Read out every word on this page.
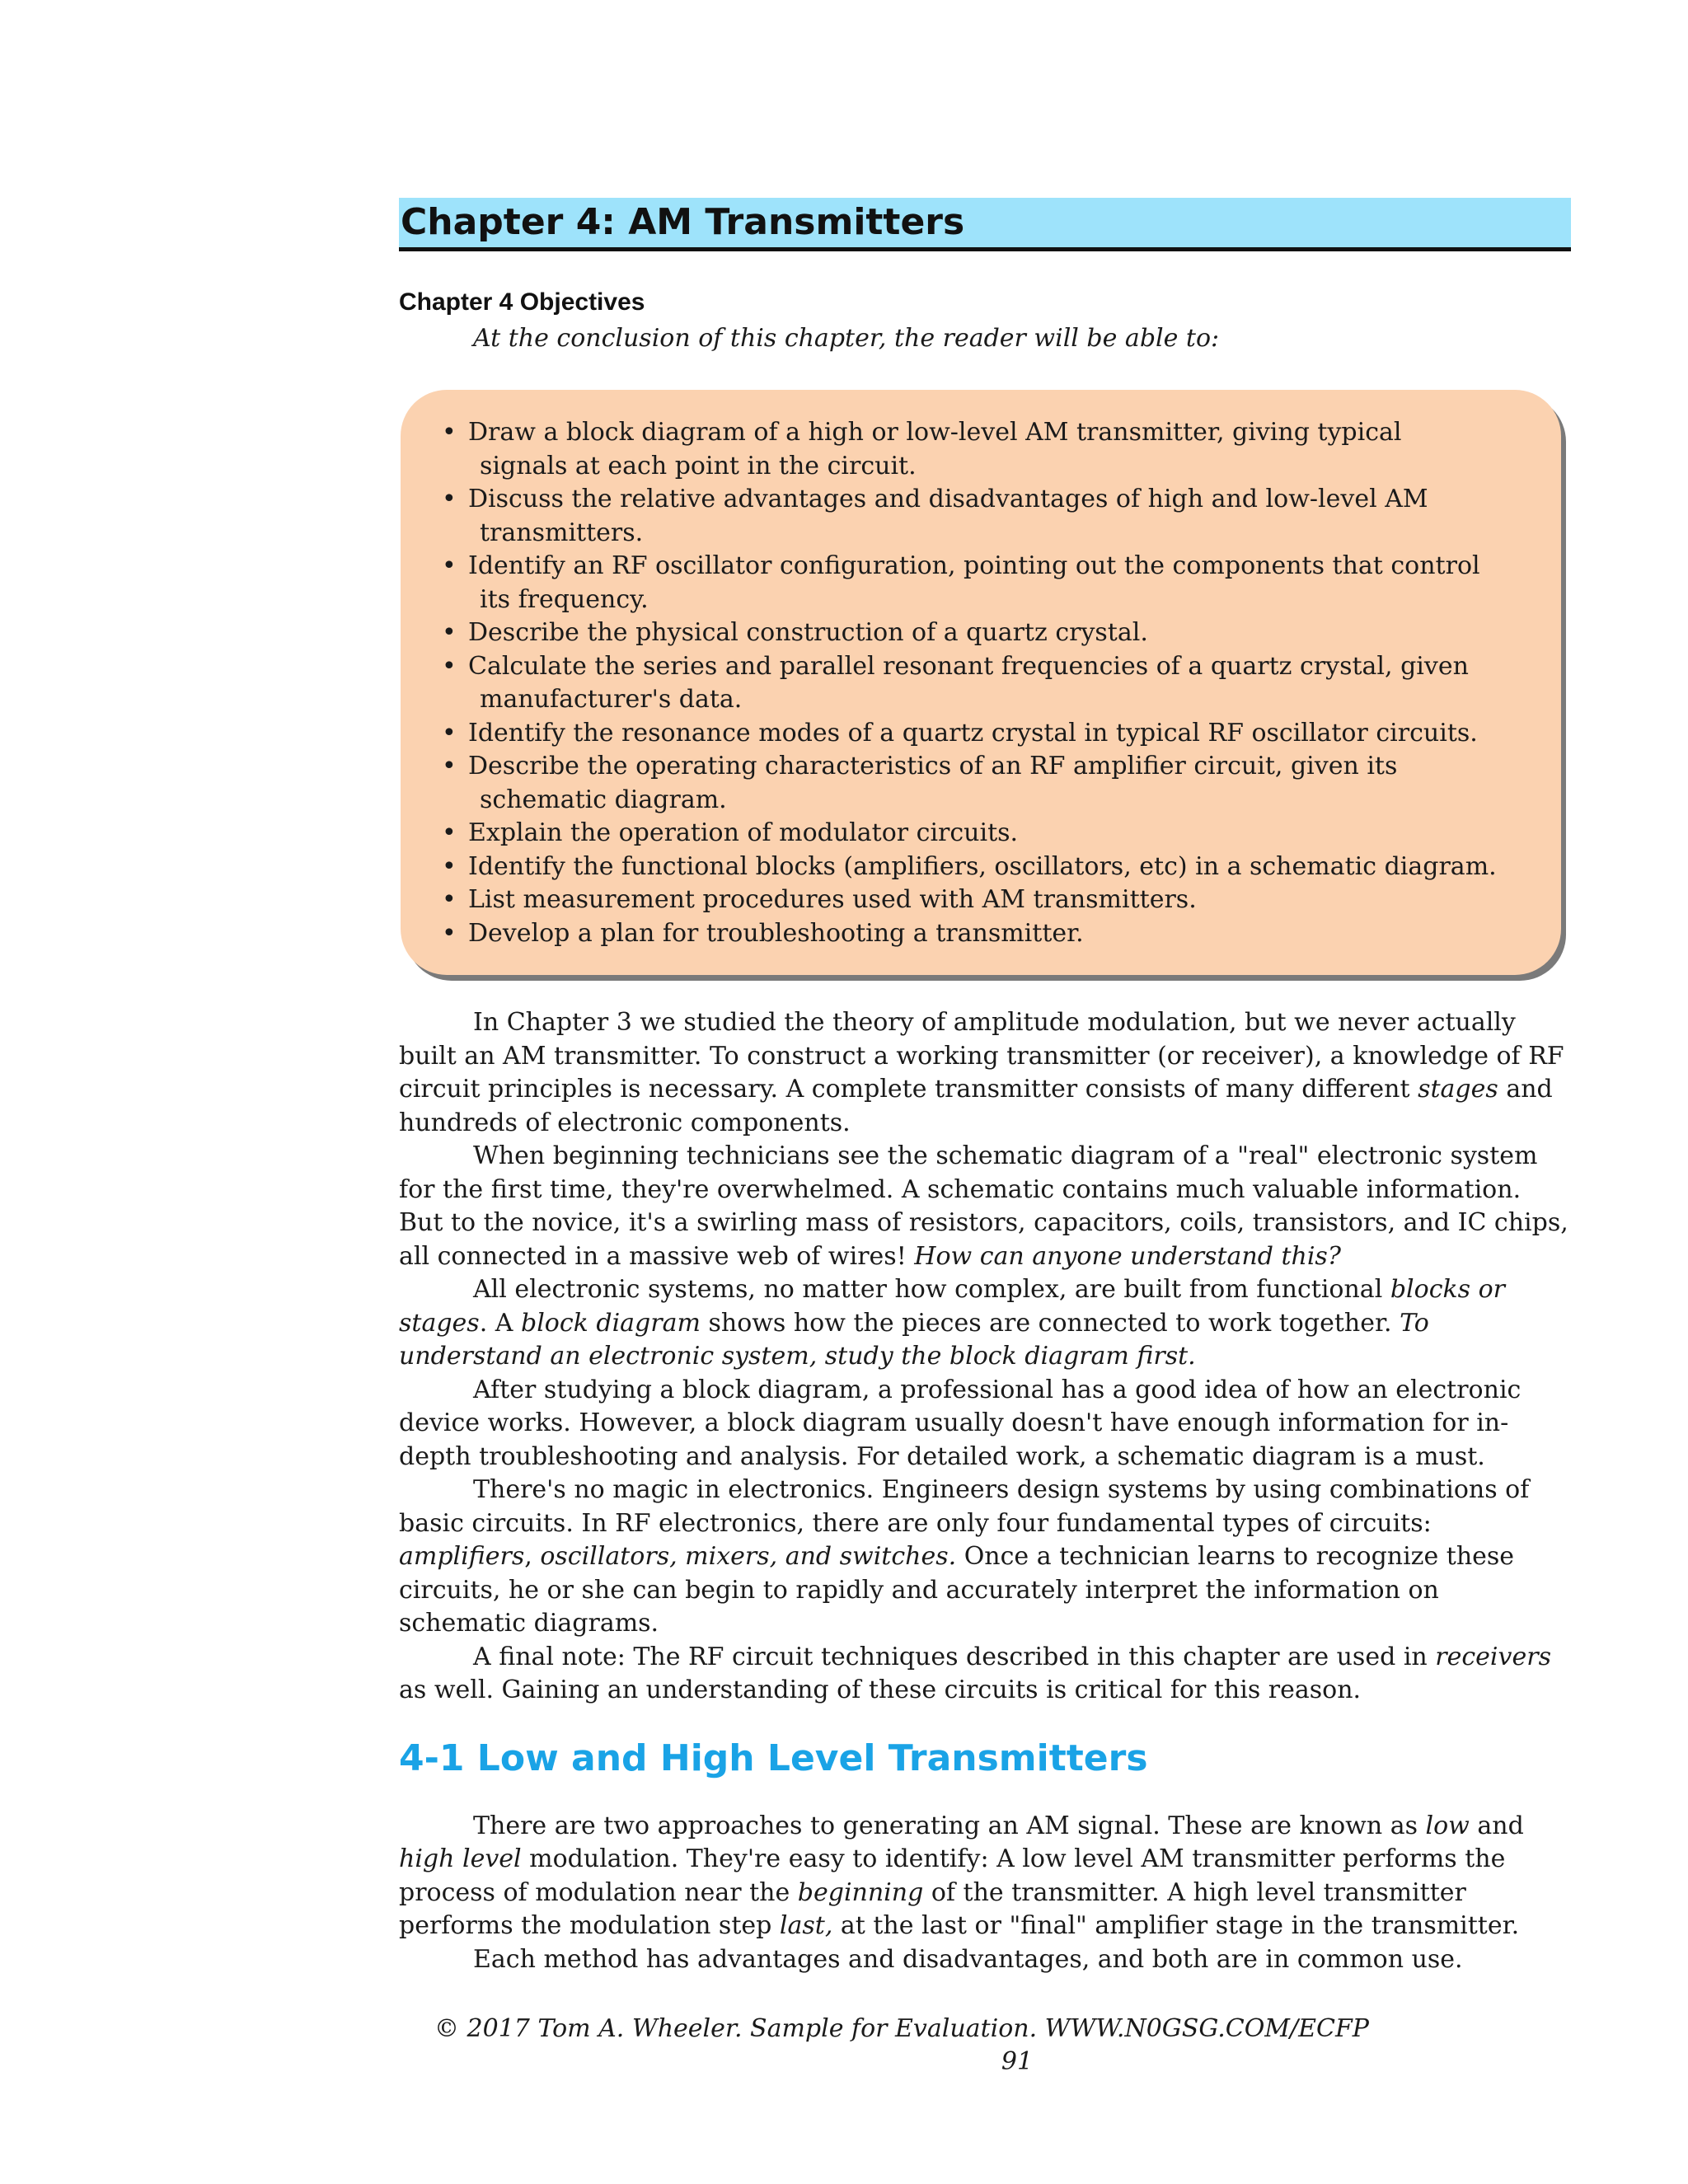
Chapter 4: AM Transmitters
Chapter 4 Objectives
At the conclusion of this chapter, the reader will be able to:
• Draw a block diagram of a high or low-level AM transmitter, giving typical
signals at each point in the circuit.
• Discuss the relative advantages and disadvantages of high and low-level AM
transmitters.
• Identify an RF oscillator configuration, pointing out the components that control
its frequency.
• Describe the physical construction of a quartz crystal.
• Calculate the series and parallel resonant frequencies of a quartz crystal, given
manufacturer's data.
• Identify the resonance modes of a quartz crystal in typical RF oscillator circuits.
• Describe the operating characteristics of an RF amplifier circuit, given its
schematic diagram.
• Explain the operation of modulator circuits.
• Identify the functional blocks (amplifiers, oscillators, etc) in a schematic diagram.
• List measurement procedures used with AM transmitters.
• Develop a plan for troubleshooting a transmitter.

In Chapter 3 we studied the theory of amplitude modulation, but we never actually built an AM transmitter. To construct a working transmitter (or receiver), a knowledge of RF circuit principles is necessary. A complete transmitter consists of many different stages and hundreds of electronic components.

When beginning technicians see the schematic diagram of a "real" electronic system for the first time, they're overwhelmed. A schematic contains much valuable information. But to the novice, it's a swirling mass of resistors, capacitors, coils, transistors, and IC chips, all connected in a massive web of wires! How can anyone understand this?

All electronic systems, no matter how complex, are built from functional blocks or stages. A block diagram shows how the pieces are connected to work together. To understand an electronic system, study the block diagram first.

After studying a block diagram, a professional has a good idea of how an electronic device works. However, a block diagram usually doesn't have enough information for in-depth troubleshooting and analysis. For detailed work, a schematic diagram is a must.

There's no magic in electronics. Engineers design systems by using combinations of basic circuits. In RF electronics, there are only four fundamental types of circuits: amplifiers, oscillators, mixers, and switches. Once a technician learns to recognize these circuits, he or she can begin to rapidly and accurately interpret the information on schematic diagrams.

A final note: The RF circuit techniques described in this chapter are used in receivers as well. Gaining an understanding of these circuits is critical for this reason.

4-1 Low and High Level Transmitters

There are two approaches to generating an AM signal. These are known as low and high level modulation. They're easy to identify: A low level AM transmitter performs the process of modulation near the beginning of the transmitter. A high level transmitter performs the modulation step last, at the last or "final" amplifier stage in the transmitter.

Each method has advantages and disadvantages, and both are in common use.

© 2017 Tom A. Wheeler. Sample for Evaluation. WWW.N0GSG.COM/ECFP
91
